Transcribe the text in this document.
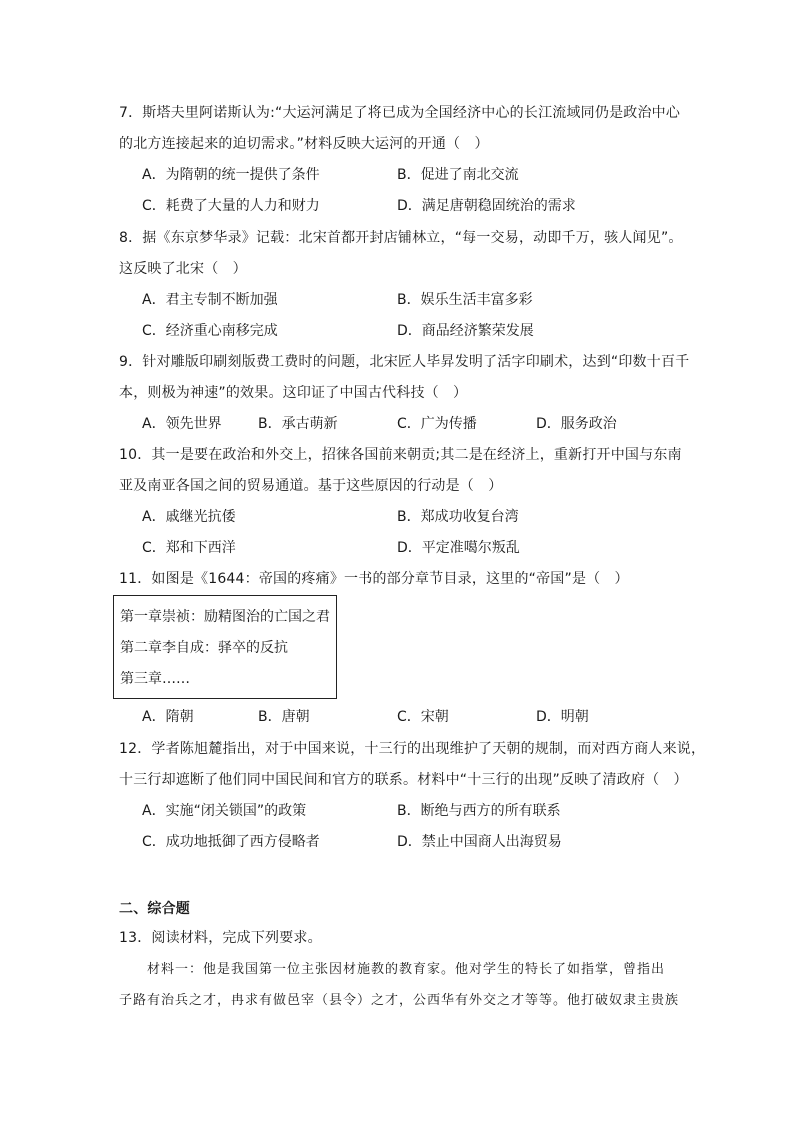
7．斯塔夫里阿诺斯认为:“大运河满足了将已成为全国经济中心的长江流域同仍是政治中心
的北方连接起来的迫切需求。”材料反映大运河的开通（　）
A．为隋朝的统一提供了条件	B．促进了南北交流
C．耗费了大量的人力和财力	D．满足唐朝稳固统治的需求
8．据《东京梦华录》记载：北宋首都开封店铺林立，“每一交易，动即千万，骇人闻见”。
这反映了北宋（　）
A．君主专制不断加强	B．娱乐生活丰富多彩
C．经济重心南移完成	D．商品经济繁荣发展
9．针对雕版印刷刻版费工费时的问题，北宋匠人毕昇发明了活字印刷术，达到“印数十百千
本，则极为神速”的效果。这印证了中国古代科技（　）
A．领先世界	B．承古萌新	C．广为传播	D．服务政治
10．其一是要在政治和外交上，招徕各国前来朝贡;其二是在经济上，重新打开中国与东南
亚及南亚各国之间的贸易通道。基于这些原因的行动是（　）
A．戚继光抗倭	B．郑成功收复台湾
C．郑和下西洋	D．平定准噶尔叛乱
11．如图是《1644：帝国的疼痛》一书的部分章节目录，这里的“帝国”是（　）
第一章崇祯：励精图治的亡国之君
第二章李自成：驿卒的反抗
第三章……
A．隋朝	B．唐朝	C．宋朝	D．明朝
12．学者陈旭麓指出，对于中国来说，十三行的出现维护了天朝的规制，而对西方商人来说，
十三行却遮断了他们同中国民间和官方的联系。材料中“十三行的出现”反映了清政府（　）
A．实施“闭关锁国”的政策	B．断绝与西方的所有联系
C．成功地抵御了西方侵略者	D．禁止中国商人出海贸易
二、综合题
13．阅读材料，完成下列要求。
材料一：他是我国第一位主张因材施教的教育家。他对学生的特长了如指掌，曾指出
子路有治兵之才，冉求有做邑宰（县令）之才，公西华有外交之才等等。他打破奴隶主贵族
